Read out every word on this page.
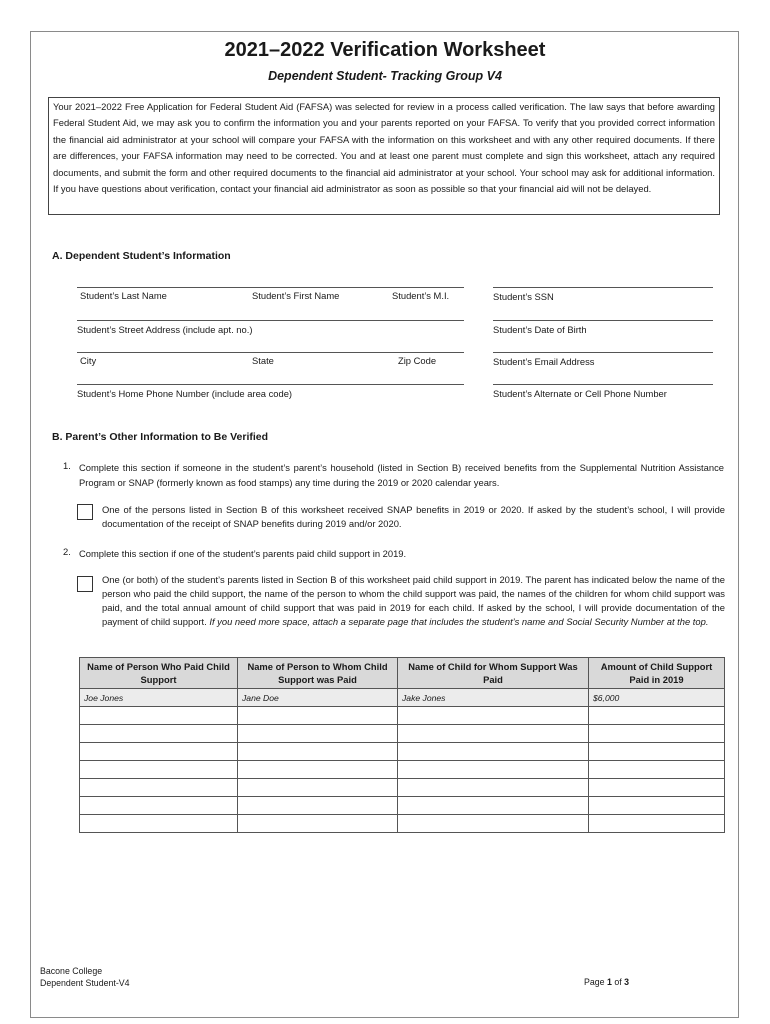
2021–2022 Verification Worksheet
Dependent Student- Tracking Group V4
Your 2021–2022 Free Application for Federal Student Aid (FAFSA) was selected for review in a process called verification. The law says that before awarding Federal Student Aid, we may ask you to confirm the information you and your parents reported on your FAFSA. To verify that you provided correct information the financial aid administrator at your school will compare your FAFSA with the information on this worksheet and with any other required documents. If there are differences, your FAFSA information may need to be corrected. You and at least one parent must complete and sign this worksheet, attach any required documents, and submit the form and other required documents to the financial aid administrator at your school. Your school may ask for additional information. If you have questions about verification, contact your financial aid administrator as soon as possible so that your financial aid will not be delayed.
A. Dependent Student’s Information
Student’s Last Name	Student’s First Name	Student’s M.I.	Student’s SSN
Student’s Street Address (include apt. no.)	Student’s Date of Birth
City	State	Zip Code	Student’s Email Address
Student’s Home Phone Number (include area code)	Student’s Alternate or Cell Phone Number
B. Parent’s Other Information to Be Verified
1. Complete this section if someone in the student’s parent’s household (listed in Section B) received benefits from the Supplemental Nutrition Assistance Program or SNAP (formerly known as food stamps) any time during the 2019 or 2020 calendar years.
One of the persons listed in Section B of this worksheet received SNAP benefits in 2019 or 2020. If asked by the student’s school, I will provide documentation of the receipt of SNAP benefits during 2019 and/or 2020.
2. Complete this section if one of the student’s parents paid child support in 2019.
One (or both) of the student’s parents listed in Section B of this worksheet paid child support in 2019. The parent has indicated below the name of the person who paid the child support, the name of the person to whom the child support was paid, the names of the children for whom child support was paid, and the total annual amount of child support that was paid in 2019 for each child. If asked by the school, I will provide documentation of the payment of child support. If you need more space, attach a separate page that includes the student’s name and Social Security Number at the top.
Name of Person Who Paid Child Support	Name of Person to Whom Child Support was Paid	Name of Child for Whom Support Was Paid	Amount of Child Support Paid in 2019
Joe Jones	Jane Doe	Jake Jones	$6,000

Bacone College
Dependent Student-V4	Page 1 of 3
